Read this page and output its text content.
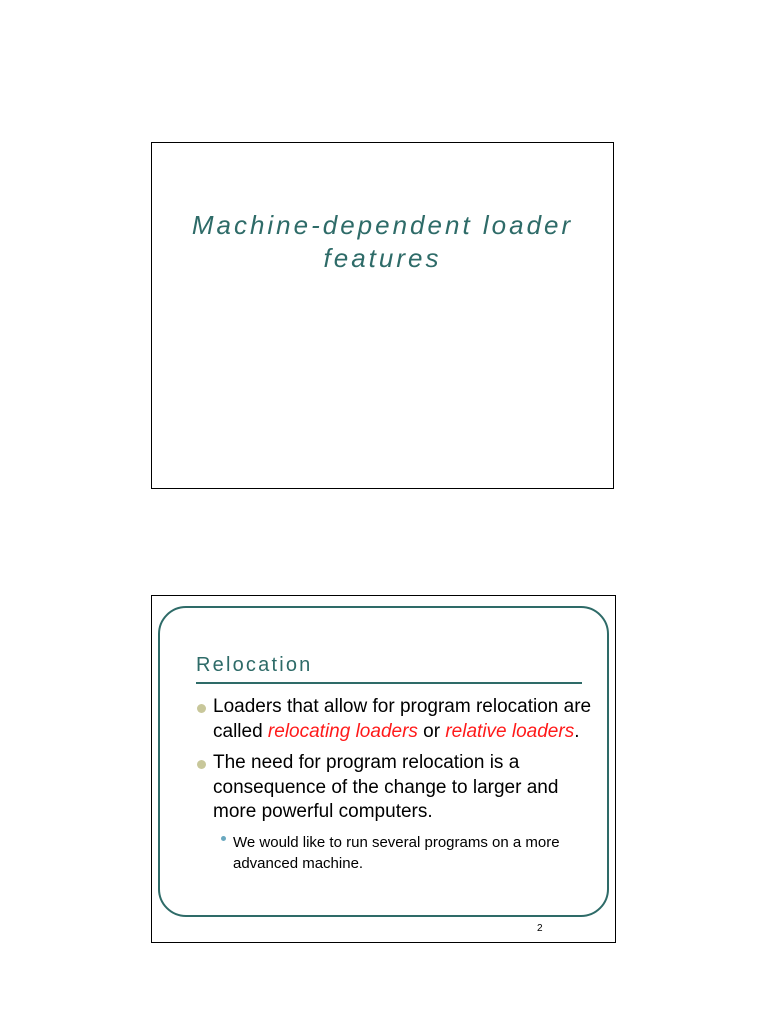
Machine-dependent loader
features
Relocation
Loaders that allow for program relocation are called relocating loaders or relative loaders.
The need for program relocation is a consequence of the change to larger and more powerful computers.
We would like to run several programs on a more advanced machine.
2
